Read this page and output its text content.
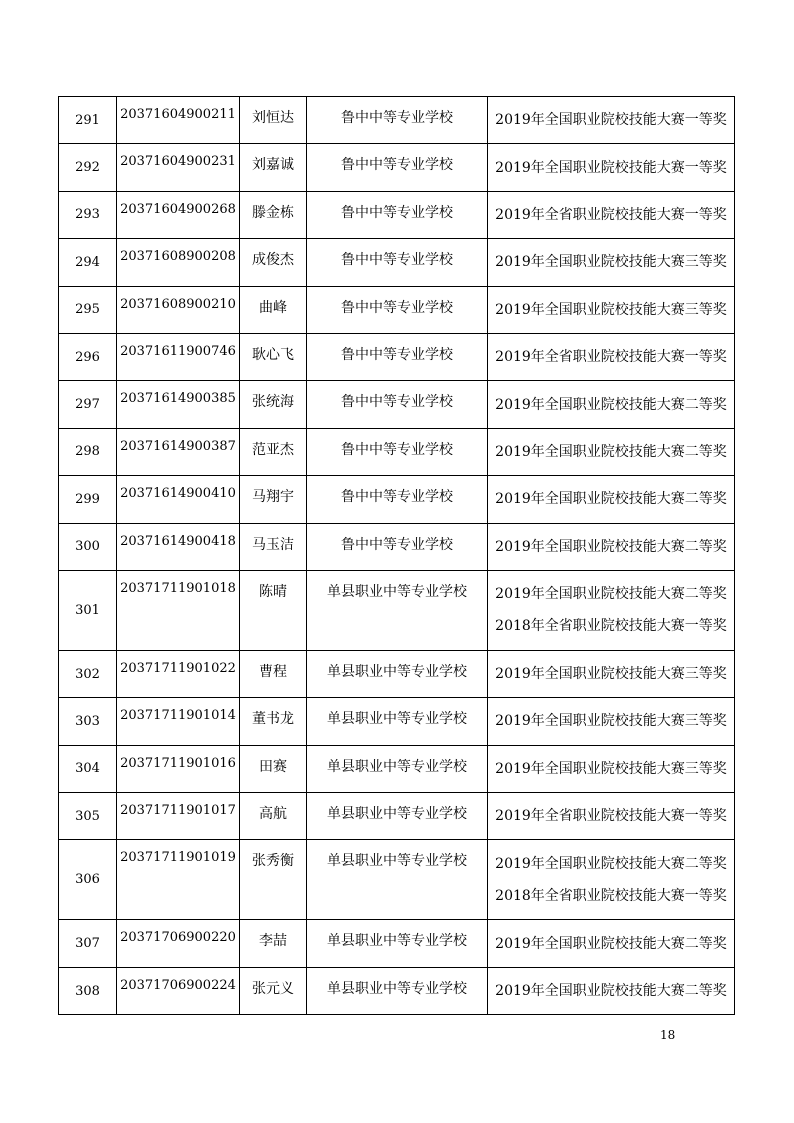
291	20371604900211	刘恒达	鲁中中等专业学校	2019年全国职业院校技能大赛一等奖

292	20371604900231	刘嘉诚	鲁中中等专业学校	2019年全国职业院校技能大赛一等奖

293	20371604900268	滕金栋	鲁中中等专业学校	2019年全省职业院校技能大赛一等奖

294	20371608900208	成俊杰	鲁中中等专业学校	2019年全国职业院校技能大赛三等奖

295	20371608900210	曲峰	鲁中中等专业学校	2019年全国职业院校技能大赛三等奖

296	20371611900746	耿心飞	鲁中中等专业学校	2019年全省职业院校技能大赛一等奖

297	20371614900385	张统海	鲁中中等专业学校	2019年全国职业院校技能大赛二等奖

298	20371614900387	范亚杰	鲁中中等专业学校	2019年全国职业院校技能大赛二等奖

299	20371614900410	马翔宇	鲁中中等专业学校	2019年全国职业院校技能大赛二等奖

300	20371614900418	马玉洁	鲁中中等专业学校	2019年全国职业院校技能大赛二等奖

301	20371711901018	陈晴	单县职业中等专业学校	2019年全国职业院校技能大赛二等奖
2018年全省职业院校技能大赛一等奖

302	20371711901022	曹程	单县职业中等专业学校	2019年全国职业院校技能大赛三等奖

303	20371711901014	董书龙	单县职业中等专业学校	2019年全国职业院校技能大赛三等奖

304	20371711901016	田赛	单县职业中等专业学校	2019年全国职业院校技能大赛三等奖

305	20371711901017	高航	单县职业中等专业学校	2019年全省职业院校技能大赛一等奖

306	20371711901019	张秀衡	单县职业中等专业学校	2019年全国职业院校技能大赛二等奖
2018年全省职业院校技能大赛一等奖

307	20371706900220	李喆	单县职业中等专业学校	2019年全国职业院校技能大赛二等奖

308	20371706900224	张元义	单县职业中等专业学校	2019年全国职业院校技能大赛二等奖
18
